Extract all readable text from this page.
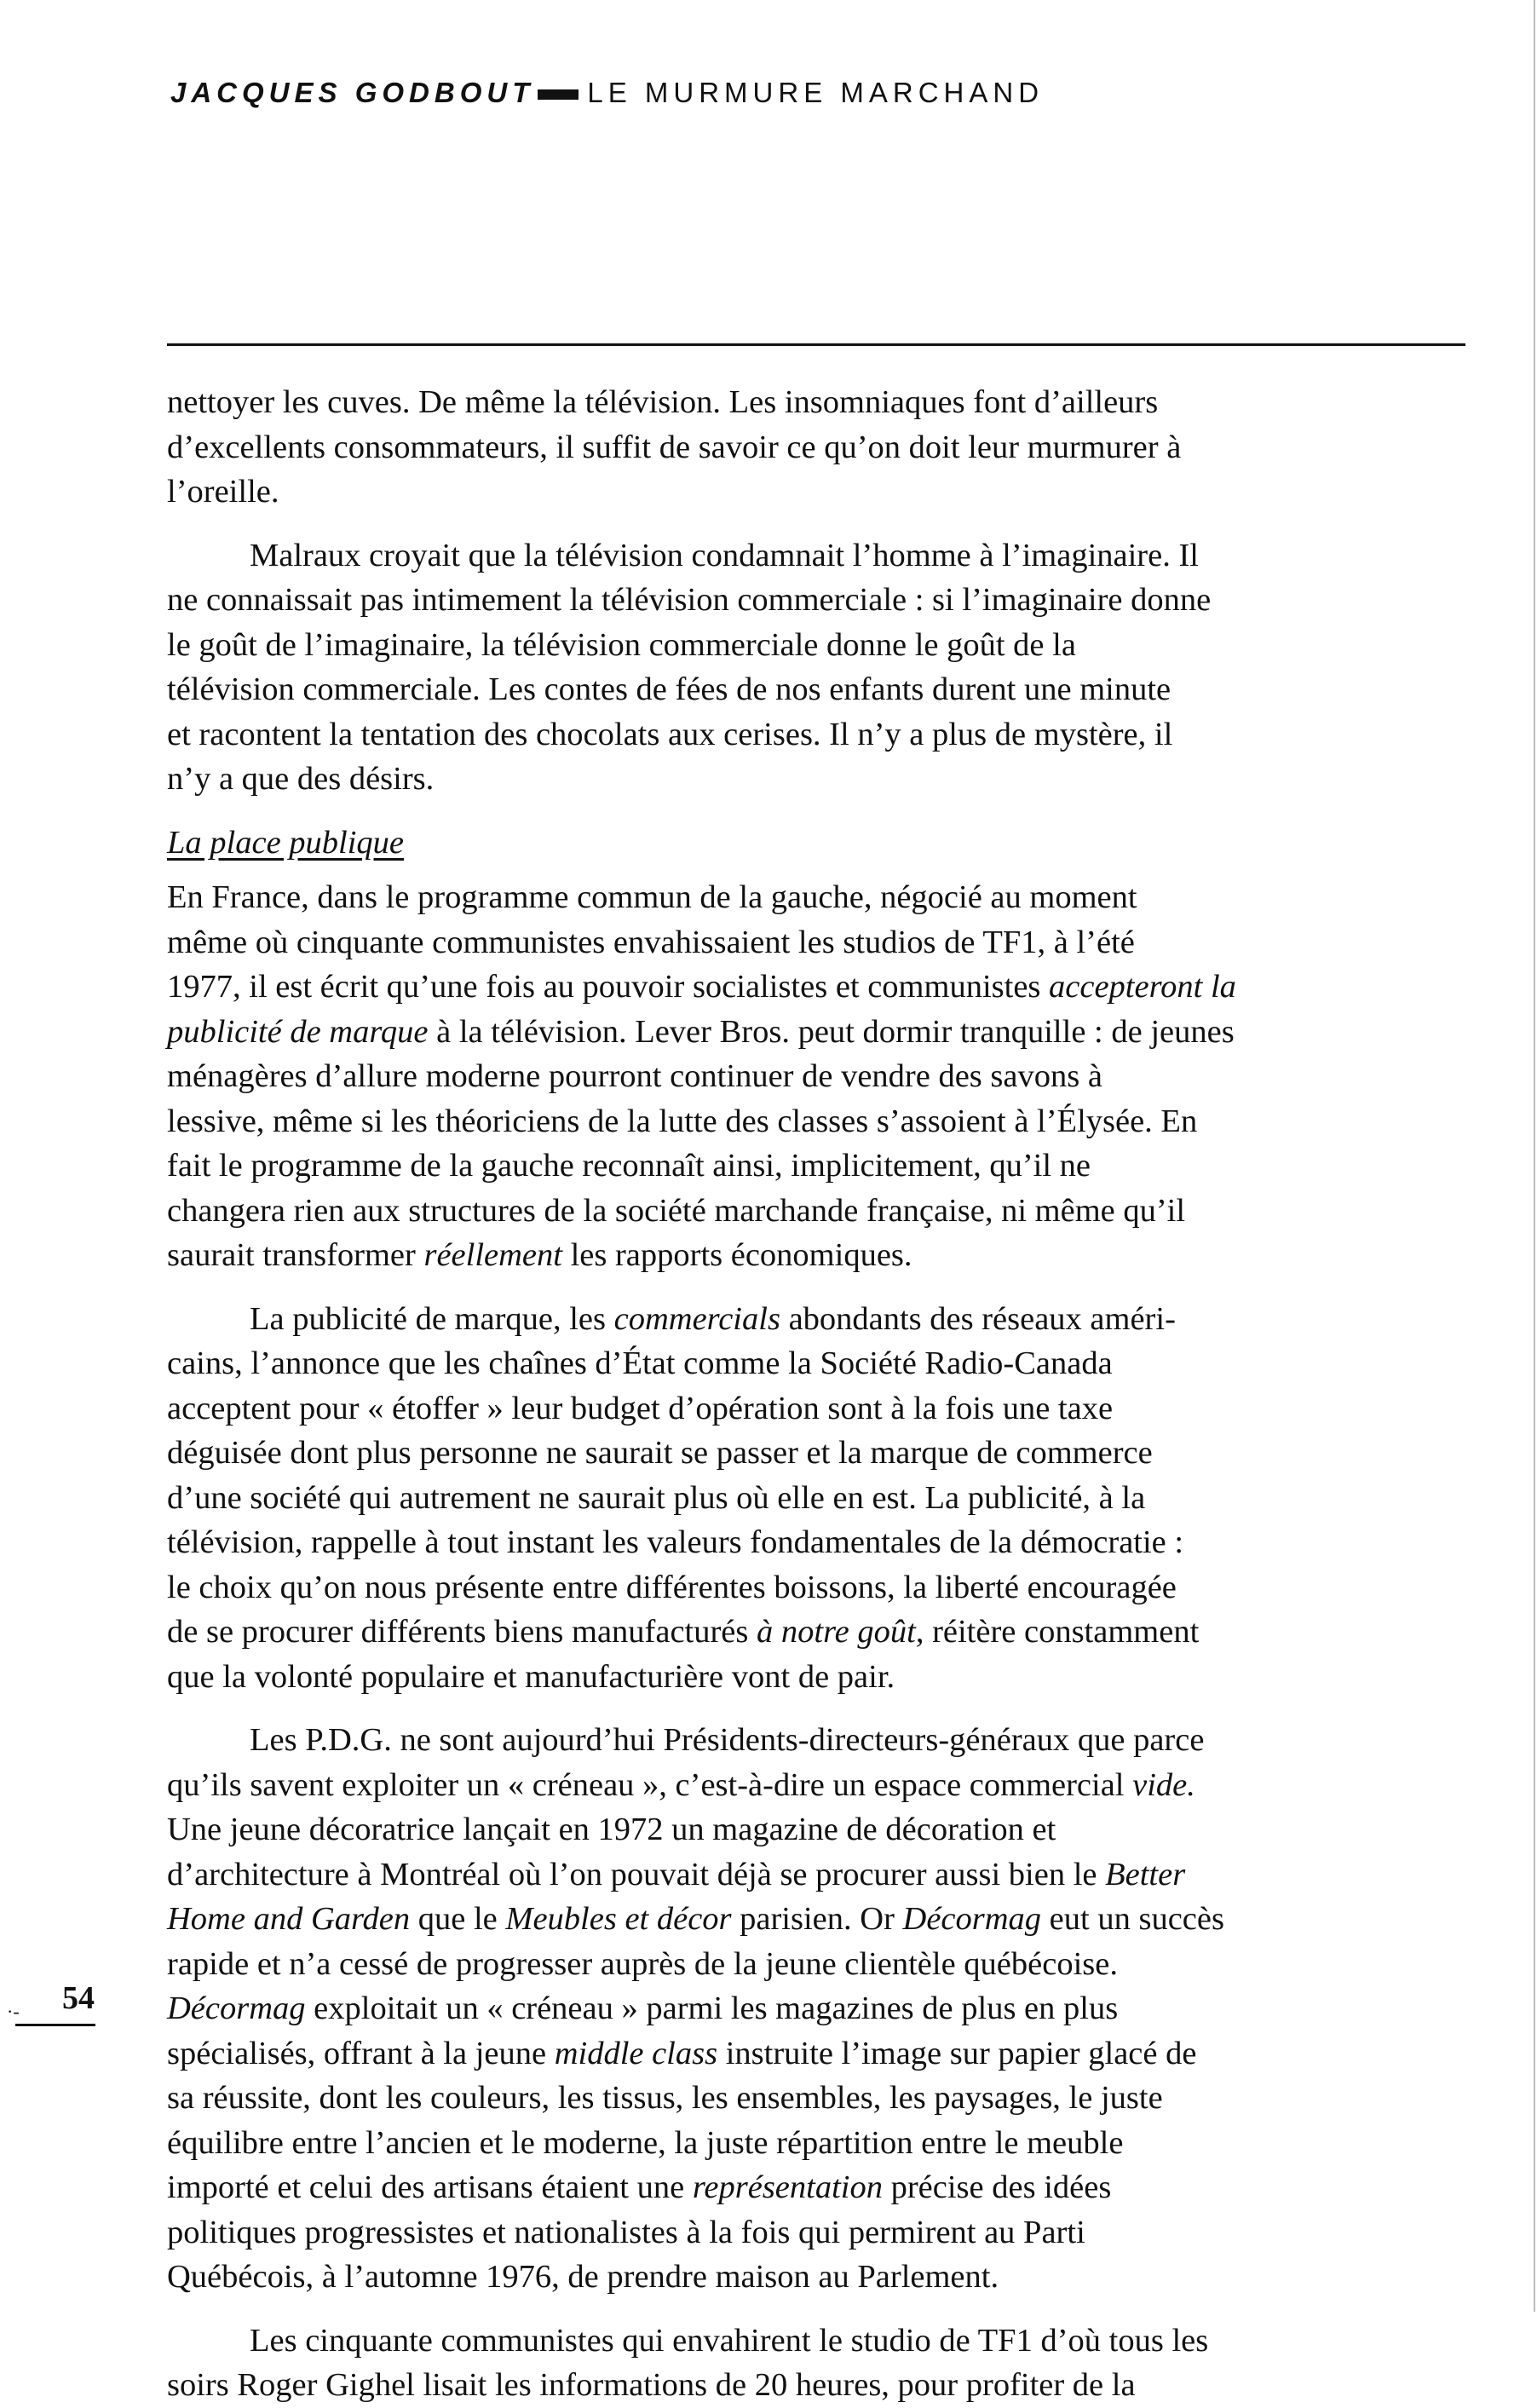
JACQUES GODBOUT LE MURMURE MARCHAND

nettoyer les cuves. De même la télévision. Les insomniaques font d’ailleurs

d’excellents consommateurs, il suffit de savoir ce qu’on doit leur murmurer à

l’oreille.

Malraux croyait que la télévision condamnait l’homme à l’imaginaire. Il

ne connaissait pas intimement la télévision commerciale : si l’imaginaire donne

le goût de l’imaginaire, la télévision commerciale donne le goût de la

télévision commerciale. Les contes de fées de nos enfants durent une minute

et racontent la tentation des chocolats aux cerises. Il n’y a plus de mystère, il

n’y a que des désirs.

La place publique

En France, dans le programme commun de la gauche, négocié au moment

même où cinquante communistes envahissaient les studios de TF1, à l’été

1977, il est écrit qu’une fois au pouvoir socialistes et communistes accepteront la

publicité de marque à la télévision. Lever Bros. peut dormir tranquille : de jeunes

ménagères d’allure moderne pourront continuer de vendre des savons à

lessive, même si les théoriciens de la lutte des classes s’assoient à l’Élysée. En

fait le programme de la gauche reconnaît ainsi, implicitement, qu’il ne

changera rien aux structures de la société marchande française, ni même qu’il

saurait transformer réellement les rapports économiques.

La publicité de marque, les commercials abondants des réseaux améri-

cains, l’annonce que les chaînes d’État comme la Société Radio-Canada

acceptent pour « étoffer » leur budget d’opération sont à la fois une taxe

déguisée dont plus personne ne saurait se passer et la marque de commerce

d’une société qui autrement ne saurait plus où elle en est. La publicité, à la

télévision, rappelle à tout instant les valeurs fondamentales de la démocratie :

le choix qu’on nous présente entre différentes boissons, la liberté encouragée

de se procurer différents biens manufacturés à notre goût, réitère constamment

que la volonté populaire et manufacturière vont de pair.

Les P.D.G. ne sont aujourd’hui Présidents-directeurs-généraux que parce

qu’ils savent exploiter un « créneau », c’est-à-dire un espace commercial vide.

Une jeune décoratrice lançait en 1972 un magazine de décoration et

d’architecture à Montréal où l’on pouvait déjà se procurer aussi bien le Better

Home and Garden que le Meubles et décor parisien. Or Décormag eut un succès

rapide et n’a cessé de progresser auprès de la jeune clientèle québécoise.

Décormag exploitait un « créneau » parmi les magazines de plus en plus

spécialisés, offrant à la jeune middle class instruite l’image sur papier glacé de

sa réussite, dont les couleurs, les tissus, les ensembles, les paysages, le juste

équilibre entre l’ancien et le moderne, la juste répartition entre le meuble

importé et celui des artisans étaient une représentation précise des idées

politiques progressistes et nationalistes à la fois qui permirent au Parti

Québécois, à l’automne 1976, de prendre maison au Parlement.

Les cinquante communistes qui envahirent le studio de TF1 d’où tous les

soirs Roger Gighel lisait les informations de 20 heures, pour profiter de la

·- 54
